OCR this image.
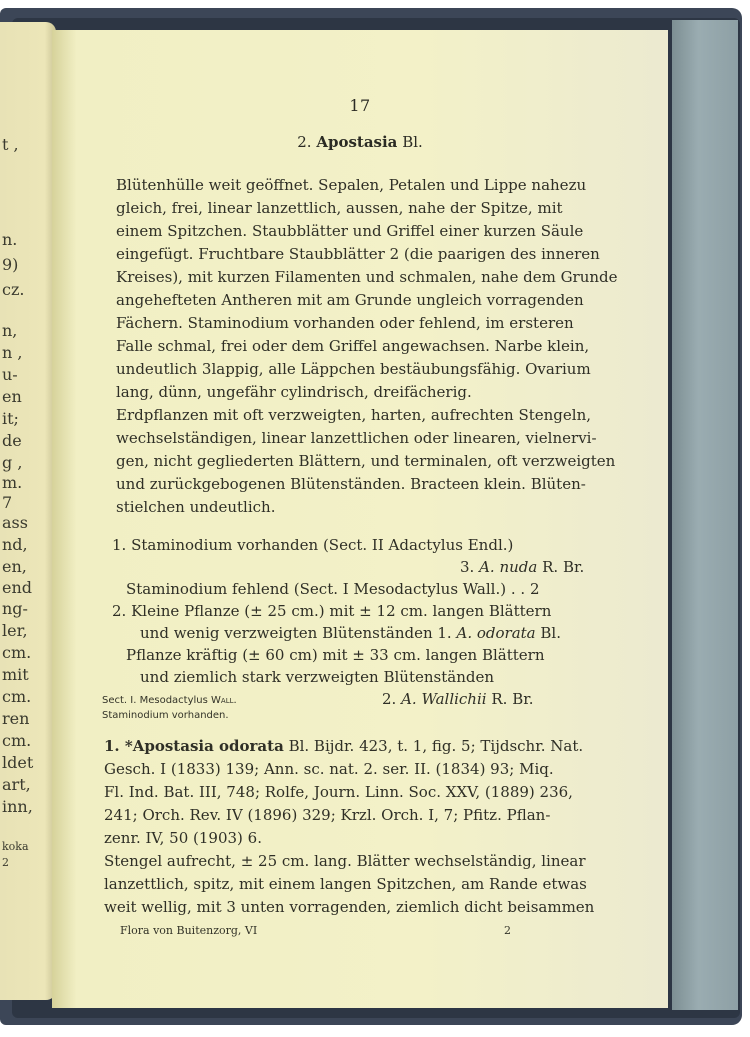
t ,
n.
9)
cz.
n,
n ,
u-
en
it;
de
g ,
m.
7
ass
nd,
en,
end
ng-
ler,
cm.
mit
cm.
ren
cm.
ldet
art,
inn,
koka
2
17
2. Apostasia Bl.
Blütenhülle weit geöffnet. Sepalen, Petalen und Lippe nahezu
gleich, frei, linear lanzettlich, aussen, nahe der Spitze, mit
einem Spitzchen. Staubblätter und Griffel einer kurzen Säule
eingefügt. Fruchtbare Staubblätter 2 (die paarigen des inneren
Kreises), mit kurzen Filamenten und schmalen, nahe dem Grunde
angehefteten Antheren mit am Grunde ungleich vorragenden
Fächern. Staminodium vorhanden oder fehlend, im ersteren
Falle schmal, frei oder dem Griffel angewachsen. Narbe klein,
undeutlich 3lappig, alle Läppchen bestäubungsfähig. Ovarium
lang, dünn, ungefähr cylindrisch, dreifächerig.
Erdpflanzen mit oft verzweigten, harten, aufrechten Stengeln,
wechselständigen, linear lanzettlichen oder linearen, vielnervi-
gen, nicht gegliederten Blättern, und terminalen, oft verzweigten
und zurückgebogenen Blütenständen. Bracteen klein. Blüten-
stielchen undeutlich.
1. Staminodium vorhanden (Sect. II Adactylus Endl.)
3. A. nuda R. Br.
Staminodium fehlend (Sect. I Mesodactylus Wall.) . . 2
2. Kleine Pflanze (± 25 cm.) mit ± 12 cm. langen Blättern
und wenig verzweigten Blütenständen 1. A. odorata Bl.
Pflanze kräftig (± 60 cm) mit ± 33 cm. langen Blättern
und ziemlich stark verzweigten Blütenständen
2. A. Wallichii R. Br.
Sect. I. Mesodactylus Wall.
Staminodium vorhanden.
1. *Apostasia odorata Bl. Bijdr. 423, t. 1, fig. 5; Tijdschr. Nat.
Gesch. I (1833) 139; Ann. sc. nat. 2. ser. II. (1834) 93; Miq.
Fl. Ind. Bat. III, 748; Rolfe, Journ. Linn. Soc. XXV, (1889) 236,
241; Orch. Rev. IV (1896) 329; Krzl. Orch. I, 7; Pfitz. Pflan-
zenr. IV, 50 (1903) 6.
Stengel aufrecht, ± 25 cm. lang. Blätter wechselständig, linear
lanzettlich, spitz, mit einem langen Spitzchen, am Rande etwas
weit wellig, mit 3 unten vorragenden, ziemlich dicht beisammen
Flora von Buitenzorg, VI	2
